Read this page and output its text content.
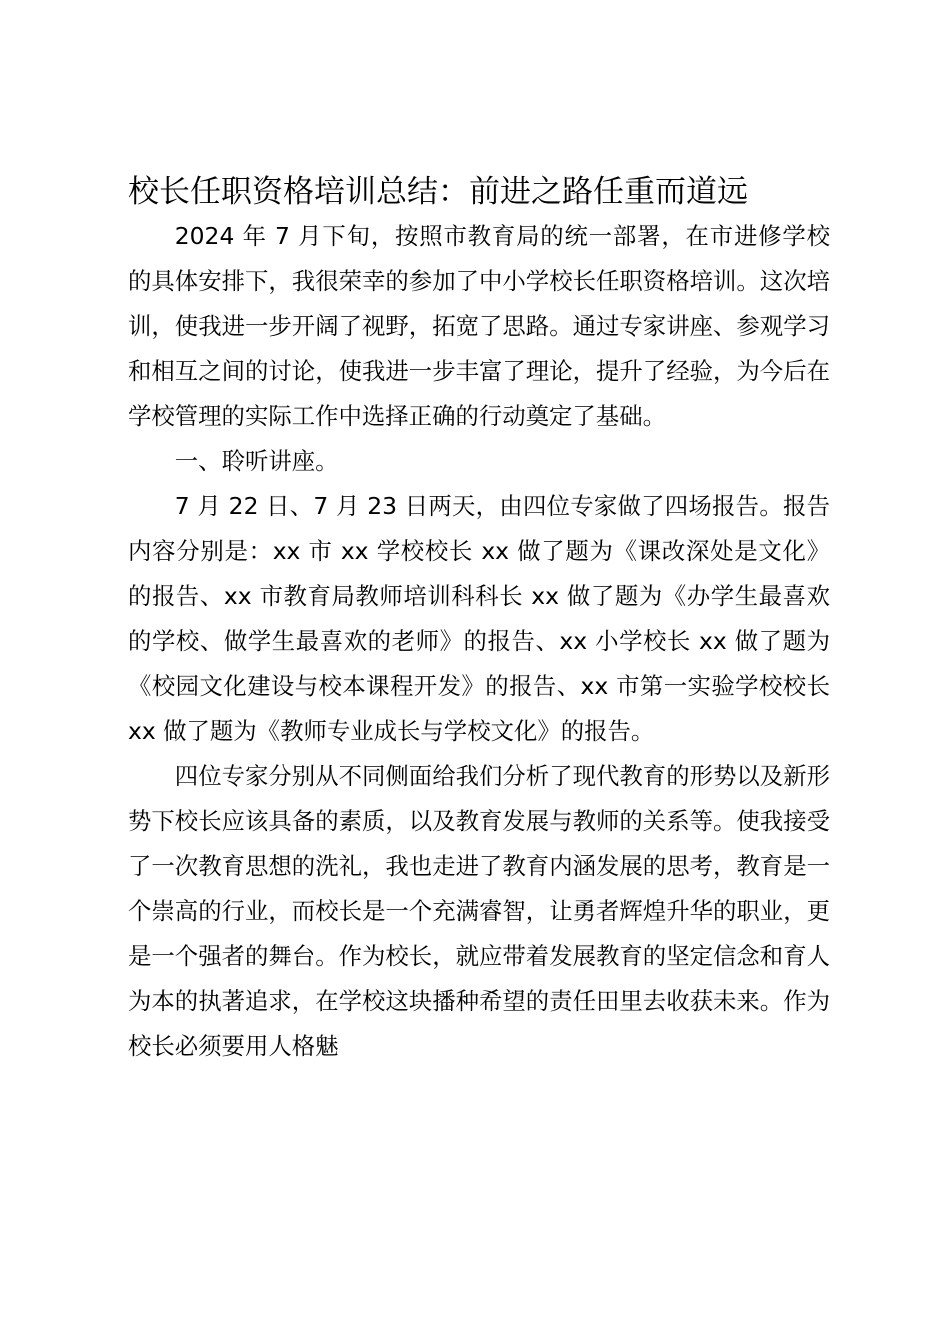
校长任职资格培训总结：前进之路任重而道远

2024 年 7 月下旬，按照市教育局的统一部署，在市进修学校的具体安排下，我很荣幸的参加了中小学校长任职资格培训。这次培训，使我进一步开阔了视野，拓宽了思路。通过专家讲座、参观学习和相互之间的讨论，使我进一步丰富了理论，提升了经验，为今后在学校管理的实际工作中选择正确的行动奠定了基础。

一、聆听讲座。

7 月 22 日、7 月 23 日两天，由四位专家做了四场报告。报告内容分别是：xx 市 xx 学校校长 xx 做了题为《课改深处是文化》的报告、xx 市教育局教师培训科科长 xx 做了题为《办学生最喜欢的学校、做学生最喜欢的老师》的报告、xx 小学校长 xx 做了题为《校园文化建设与校本课程开发》的报告、xx 市第一实验学校校长 xx 做了题为《教师专业成长与学校文化》的报告。

四位专家分别从不同侧面给我们分析了现代教育的形势以及新形势下校长应该具备的素质，以及教育发展与教师的关系等。使我接受了一次教育思想的洗礼，我也走进了教育内涵发展的思考，教育是一个崇高的行业，而校长是一个充满睿智，让勇者辉煌升华的职业，更是一个强者的舞台。作为校长，就应带着发展教育的坚定信念和育人为本的执著追求，在学校这块播种希望的责任田里去收获未来。作为校长必须要用人格魅
